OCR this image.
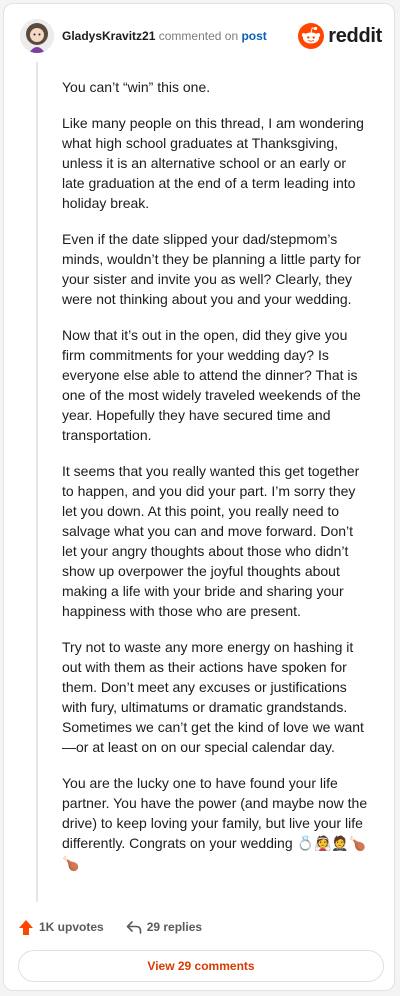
GladysKravitz21 commented on post	reddit

You can’t “win” this one.

Like many people on this thread, I am wondering what high school graduates at Thanksgiving, unless it is an alternative school or an early or late graduation at the end of a term leading into holiday break.

Even if the date slipped your dad/stepmom’s minds, wouldn’t they be planning a little party for your sister and invite you as well? Clearly, they were not thinking about you and your wedding.

Now that it’s out in the open, did they give you firm commitments for your wedding day? Is everyone else able to attend the dinner? That is one of the most widely traveled weekends of the year. Hopefully they have secured time and transportation.

It seems that you really wanted this get together to happen, and you did your part. I’m sorry they let you down. At this point, you really need to salvage what you can and move forward. Don’t let your angry thoughts about those who didn’t show up overpower the joyful thoughts about making a life with your bride and sharing your happiness with those who are present.

Try not to waste any more energy on hashing it out with them as their actions have spoken for them. Don’t meet any excuses or justifications with fury, ultimatums or dramatic grandstands. Sometimes we can’t get the kind of love we want—or at least on on our special calendar day.

You are the lucky one to have found your life partner. You have the power (and maybe now the drive) to keep loving your family, but live your life differently. Congrats on your wedding 💍👰🤵🍗🍗

1K upvotes	29 replies
View 29 comments
